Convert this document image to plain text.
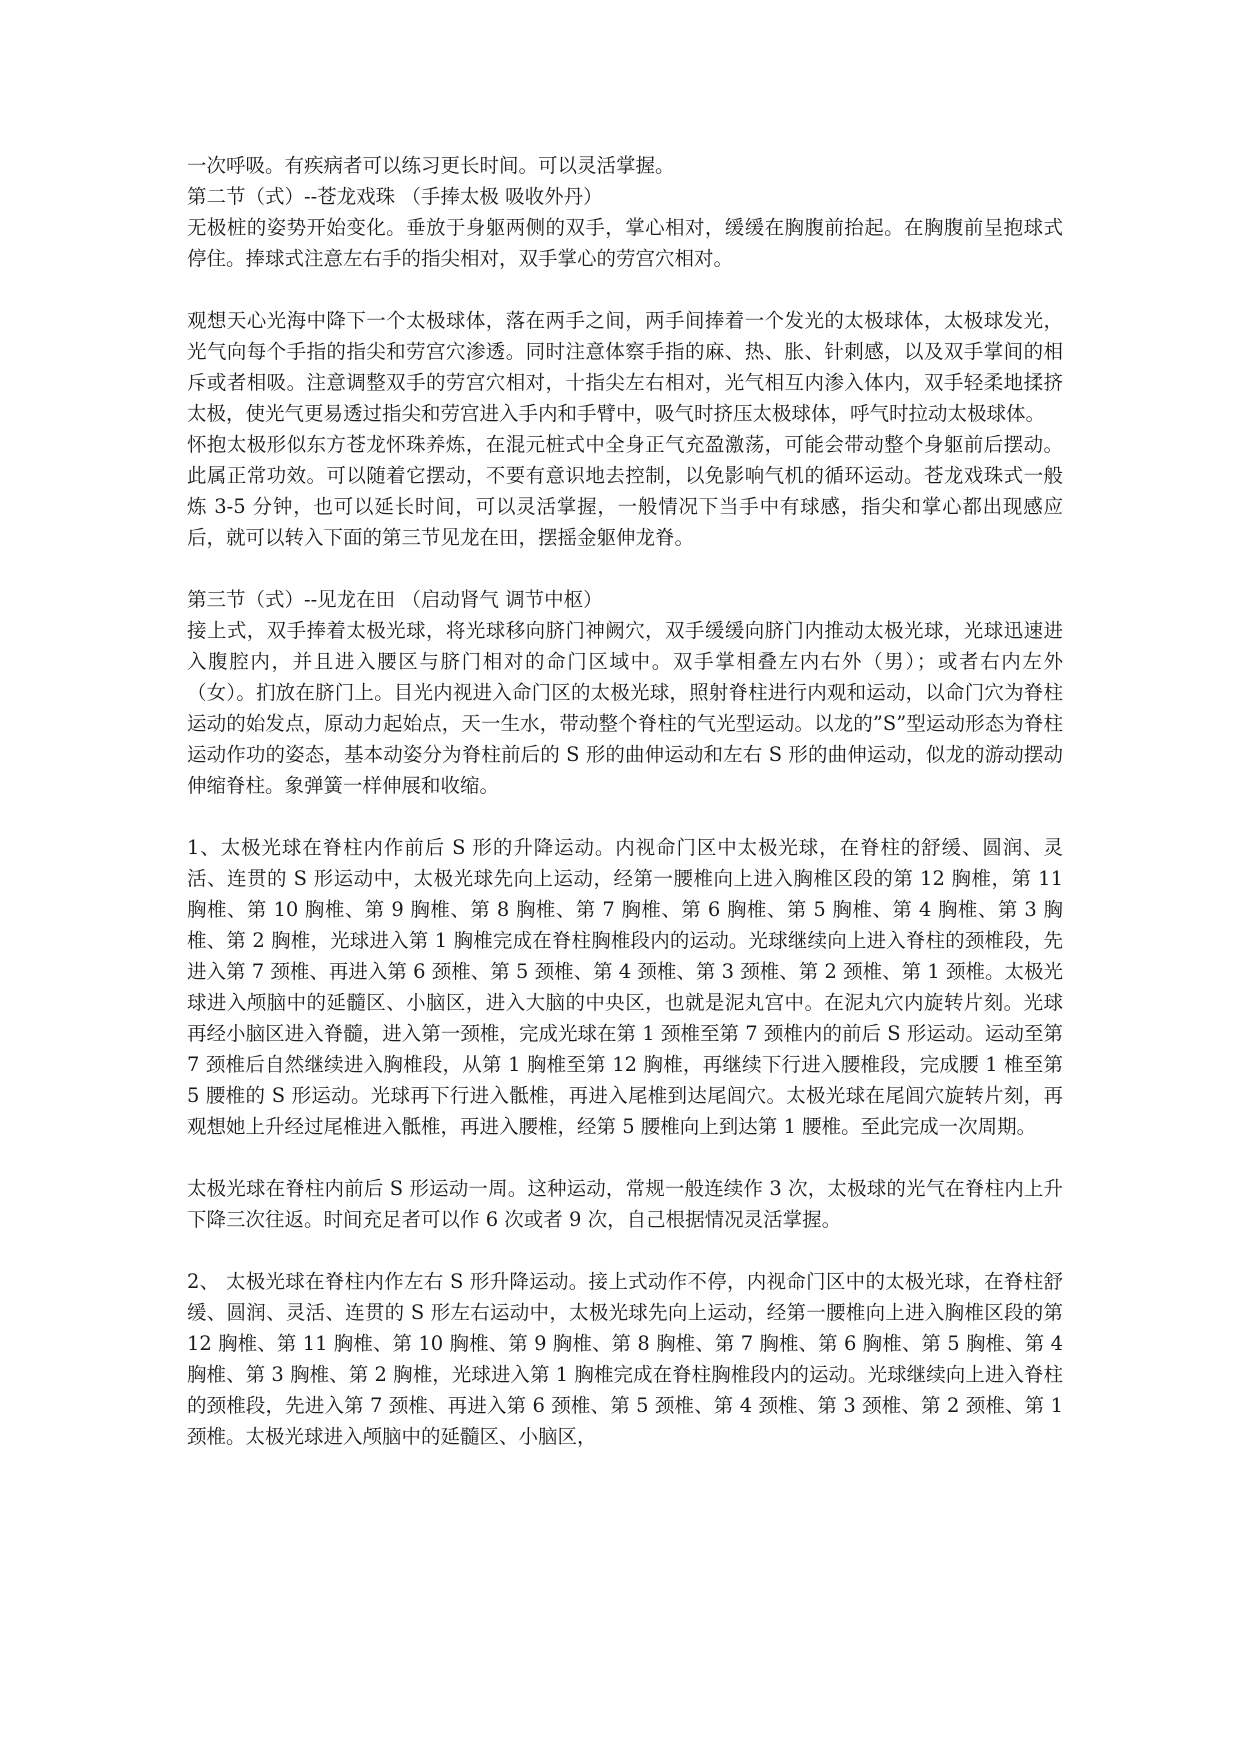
一次呼吸。有疾病者可以练习更长时间。可以灵活掌握。

第二节（式）--苍龙戏珠 （手捧太极 吸收外丹）

无极桩的姿势开始变化。垂放于身躯两侧的双手，掌心相对，缓缓在胸腹前抬起。在胸腹前呈抱球式停住。捧球式注意左右手的指尖相对，双手掌心的劳宫穴相对。

观想天心光海中降下一个太极球体，落在两手之间，两手间捧着一个发光的太极球体，太极球发光，光气向每个手指的指尖和劳宫穴渗透。同时注意体察手指的麻、热、胀、针刺感，以及双手掌间的相斥或者相吸。注意调整双手的劳宫穴相对，十指尖左右相对，光气相互内渗入体内，双手轻柔地揉挤太极，使光气更易透过指尖和劳宫进入手内和手臂中，吸气时挤压太极球体，呼气时拉动太极球体。

怀抱太极形似东方苍龙怀珠养炼，在混元桩式中全身正气充盈激荡，可能会带动整个身躯前后摆动。此属正常功效。可以随着它摆动，不要有意识地去控制，以免影响气机的循环运动。苍龙戏珠式一般炼 3-5 分钟，也可以延长时间，可以灵活掌握，一般情况下当手中有球感，指尖和掌心都出现感应后，就可以转入下面的第三节见龙在田，摆摇金躯伸龙脊。

第三节（式）--见龙在田 （启动肾气 调节中枢）

接上式，双手捧着太极光球，将光球移向脐门神阙穴，双手缓缓向脐门内推动太极光球，光球迅速进入腹腔内，并且进入腰区与脐门相对的命门区域中。双手掌相叠左内右外（男）；或者右内左外（女）。扪放在脐门上。目光内视进入命门区的太极光球，照射脊柱进行内观和运动，以命门穴为脊柱运动的始发点，原动力起始点，天一生水，带动整个脊柱的气光型运动。以龙的”S”型运动形态为脊柱运动作功的姿态，基本动姿分为脊柱前后的 S 形的曲伸运动和左右 S 形的曲伸运动，似龙的游动摆动伸缩脊柱。象弹簧一样伸展和收缩。

1、太极光球在脊柱内作前后 S 形的升降运动。内视命门区中太极光球，在脊柱的舒缓、圆润、灵活、连贯的 S 形运动中，太极光球先向上运动，经第一腰椎向上进入胸椎区段的第 12 胸椎，第 11 胸椎、第 10 胸椎、第 9 胸椎、第 8 胸椎、第 7 胸椎、第 6 胸椎、第 5 胸椎、第 4 胸椎、第 3 胸椎、第 2 胸椎，光球进入第 1 胸椎完成在脊柱胸椎段内的运动。光球继续向上进入脊柱的颈椎段，先进入第 7 颈椎、再进入第 6 颈椎、第 5 颈椎、第 4 颈椎、第 3 颈椎、第 2 颈椎、第 1 颈椎。太极光球进入颅脑中的延髓区、小脑区，进入大脑的中央区，也就是泥丸宫中。在泥丸穴内旋转片刻。光球再经小脑区进入脊髓，进入第一颈椎，完成光球在第 1 颈椎至第 7 颈椎内的前后 S 形运动。运动至第 7 颈椎后自然继续进入胸椎段，从第 1 胸椎至第 12 胸椎，再继续下行进入腰椎段，完成腰 1 椎至第 5 腰椎的 S 形运动。光球再下行进入骶椎，再进入尾椎到达尾闾穴。太极光球在尾闾穴旋转片刻，再观想她上升经过尾椎进入骶椎，再进入腰椎，经第 5 腰椎向上到达第 1 腰椎。至此完成一次周期。

太极光球在脊柱内前后 S 形运动一周。这种运动，常规一般连续作 3 次，太极球的光气在脊柱内上升下降三次往返。时间充足者可以作 6 次或者 9 次，自己根据情况灵活掌握。

2、 太极光球在脊柱内作左右 S 形升降运动。接上式动作不停，内视命门区中的太极光球，在脊柱舒缓、圆润、灵活、连贯的 S 形左右运动中，太极光球先向上运动，经第一腰椎向上进入胸椎区段的第 12 胸椎、第 11 胸椎、第 10 胸椎、第 9 胸椎、第 8 胸椎、第 7 胸椎、第 6 胸椎、第 5 胸椎、第 4 胸椎、第 3 胸椎、第 2 胸椎，光球进入第 1 胸椎完成在脊柱胸椎段内的运动。光球继续向上进入脊柱的颈椎段，先进入第 7 颈椎、再进入第 6 颈椎、第 5 颈椎、第 4 颈椎、第 3 颈椎、第 2 颈椎、第 1 颈椎。太极光球进入颅脑中的延髓区、小脑区，
